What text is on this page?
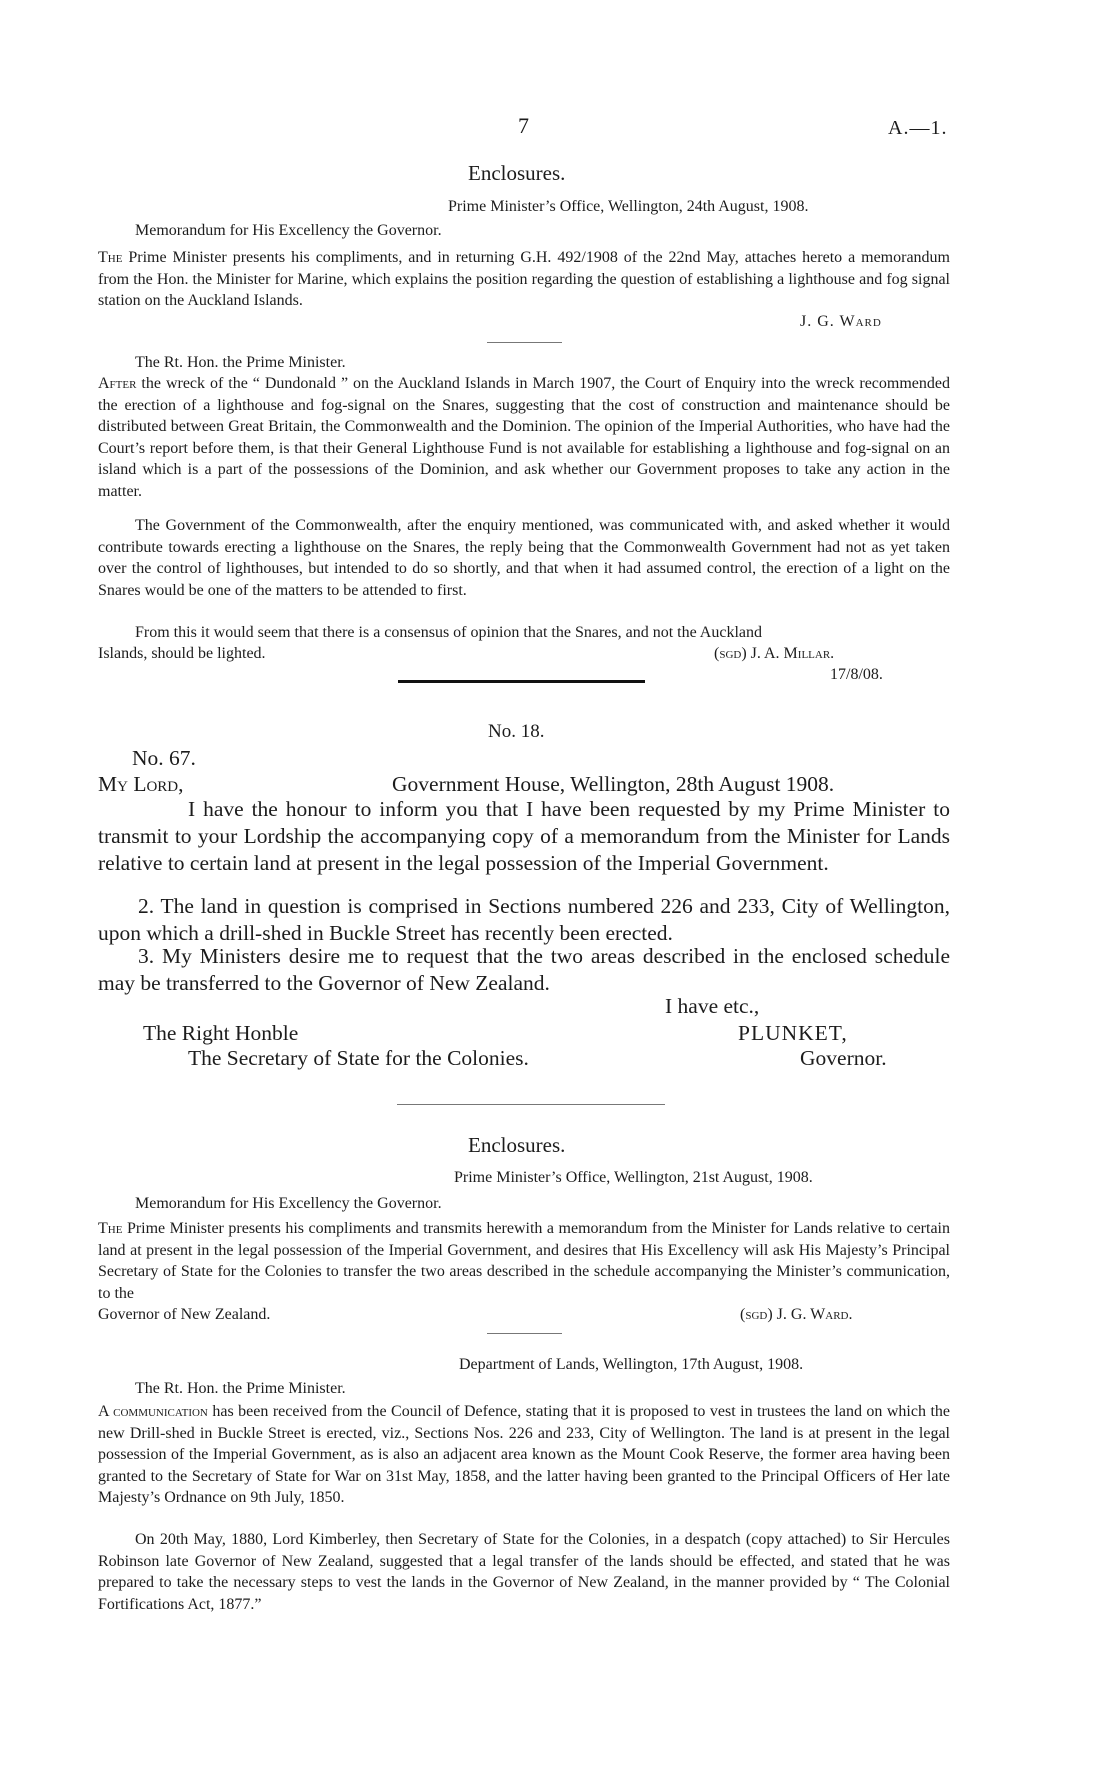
7	A.—1.
Enclosures.
Prime Minister’s Office, Wellington, 24th August, 1908.
Memorandum for His Excellency the Governor.
The Prime Minister presents his compliments, and in returning G.H. 492/1908 of the 22nd May, attaches hereto a memorandum from the Hon. the Minister for Marine, which explains the position regarding the question of establishing a lighthouse and fog signal station on the Auckland Islands.
J. G. Ward
The Rt. Hon. the Prime Minister.
After the wreck of the “ Dundonald ” on the Auckland Islands in March 1907, the Court of Enquiry into the wreck recommended the erection of a lighthouse and fog-signal on the Snares, suggesting that the cost of construction and maintenance should be distributed between Great Britain, the Commonwealth and the Dominion. The opinion of the Imperial Authorities, who have had the Court’s report before them, is that their General Lighthouse Fund is not available for establishing a lighthouse and fog-signal on an island which is a part of the possessions of the Dominion, and ask whether our Government proposes to take any action in the matter.
The Government of the Commonwealth, after the enquiry mentioned, was communicated with, and asked whether it would contribute towards erecting a lighthouse on the Snares, the reply being that the Commonwealth Government had not as yet taken over the control of lighthouses, but intended to do so shortly, and that when it had assumed control, the erection of a light on the Snares would be one of the matters to be attended to first.
From this it would seem that there is a consensus of opinion that the Snares, and not the Auckland
Islands, should be lighted.	(sgd) J. A. Millar.
17/8/08.
No. 18.
No. 67.
My Lord,	Government House, Wellington, 28th August 1908.
I have the honour to inform you that I have been requested by my Prime Minister to transmit to your Lordship the accompanying copy of a memorandum from the Minister for Lands relative to certain land at present in the legal possession of the Imperial Government.
2. The land in question is comprised in Sections numbered 226 and 233, City of Wellington, upon which a drill-shed in Buckle Street has recently been erected.
3. My Ministers desire me to request that the two areas described in the enclosed schedule may be transferred to the Governor of New Zealand.
I have etc.,
The Right Honble
The Secretary of State for the Colonies.
PLUNKET,
Governor.
Enclosures.
Prime Minister’s Office, Wellington, 21st August, 1908.
Memorandum for His Excellency the Governor.
The Prime Minister presents his compliments and transmits herewith a memorandum from the Minister for Lands relative to certain land at present in the legal possession of the Imperial Government, and desires that His Excellency will ask His Majesty’s Principal Secretary of State for the Colonies to transfer the two areas described in the schedule accompanying the Minister’s communication, to the
Governor of New Zealand.	(sgd) J. G. Ward.
Department of Lands, Wellington, 17th August, 1908.
The Rt. Hon. the Prime Minister.
A communication has been received from the Council of Defence, stating that it is proposed to vest in trustees the land on which the new Drill-shed in Buckle Street is erected, viz., Sections Nos. 226 and 233, City of Wellington. The land is at present in the legal possession of the Imperial Government, as is also an adjacent area known as the Mount Cook Reserve, the former area having been granted to the Secretary of State for War on 31st May, 1858, and the latter having been granted to the Principal Officers of Her late Majesty’s Ordnance on 9th July, 1850.
On 20th May, 1880, Lord Kimberley, then Secretary of State for the Colonies, in a despatch (copy attached) to Sir Hercules Robinson late Governor of New Zealand, suggested that a legal transfer of the lands should be effected, and stated that he was prepared to take the necessary steps to vest the lands in the Governor of New Zealand, in the manner provided by “ The Colonial Fortifications Act, 1877.”
